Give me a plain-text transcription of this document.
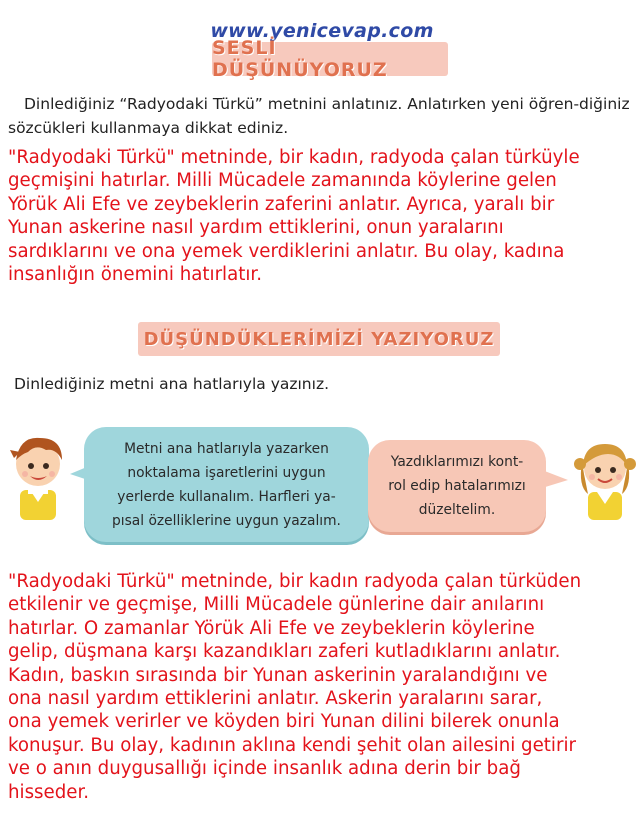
www.yenicevap.com
SESLİ DÜŞÜNÜYORUZ
Dinlediğiniz “Radyodaki Türkü” metnini anlatınız. Anlatırken yeni öğren-diğiniz sözcükleri kullanmaya dikkat ediniz.
"Radyodaki Türkü" metninde, bir kadın, radyoda çalan türküyle
geçmişini hatırlar. Milli Mücadele zamanında köylerine gelen
Yörük Ali Efe ve zeybeklerin zaferini anlatır. Ayrıca, yaralı bir
Yunan askerine nasıl yardım ettiklerini, onun yaralarını
sardıklarını ve ona yemek verdiklerini anlatır. Bu olay, kadına
insanlığın önemini hatırlatır.
DÜŞÜNDÜKLERİMİZİ YAZIYORUZ
Dinlediğiniz metni ana hatlarıyla yazınız.
Metni ana hatlarıyla yazarken
noktalama işaretlerini uygun
yerlerde kullanalım. Harfleri ya-
pısal özelliklerine uygun yazalım.
Yazdıklarımızı kont-
rol edip hatalarımızı
düzeltelim.
"Radyodaki Türkü" metninde, bir kadın radyoda çalan türküden
etkilenir ve geçmişe, Milli Mücadele günlerine dair anılarını
hatırlar. O zamanlar Yörük Ali Efe ve zeybeklerin köylerine
gelip, düşmana karşı kazandıkları zaferi kutladıklarını anlatır.
Kadın, baskın sırasında bir Yunan askerinin yaralandığını ve
ona nasıl yardım ettiklerini anlatır. Askerin yaralarını sarar,
ona yemek verirler ve köyden biri Yunan dilini bilerek onunla
konuşur. Bu olay, kadının aklına kendi şehit olan ailesini getirir
ve o anın duygusallığı içinde insanlık adına derin bir bağ
hisseder.
